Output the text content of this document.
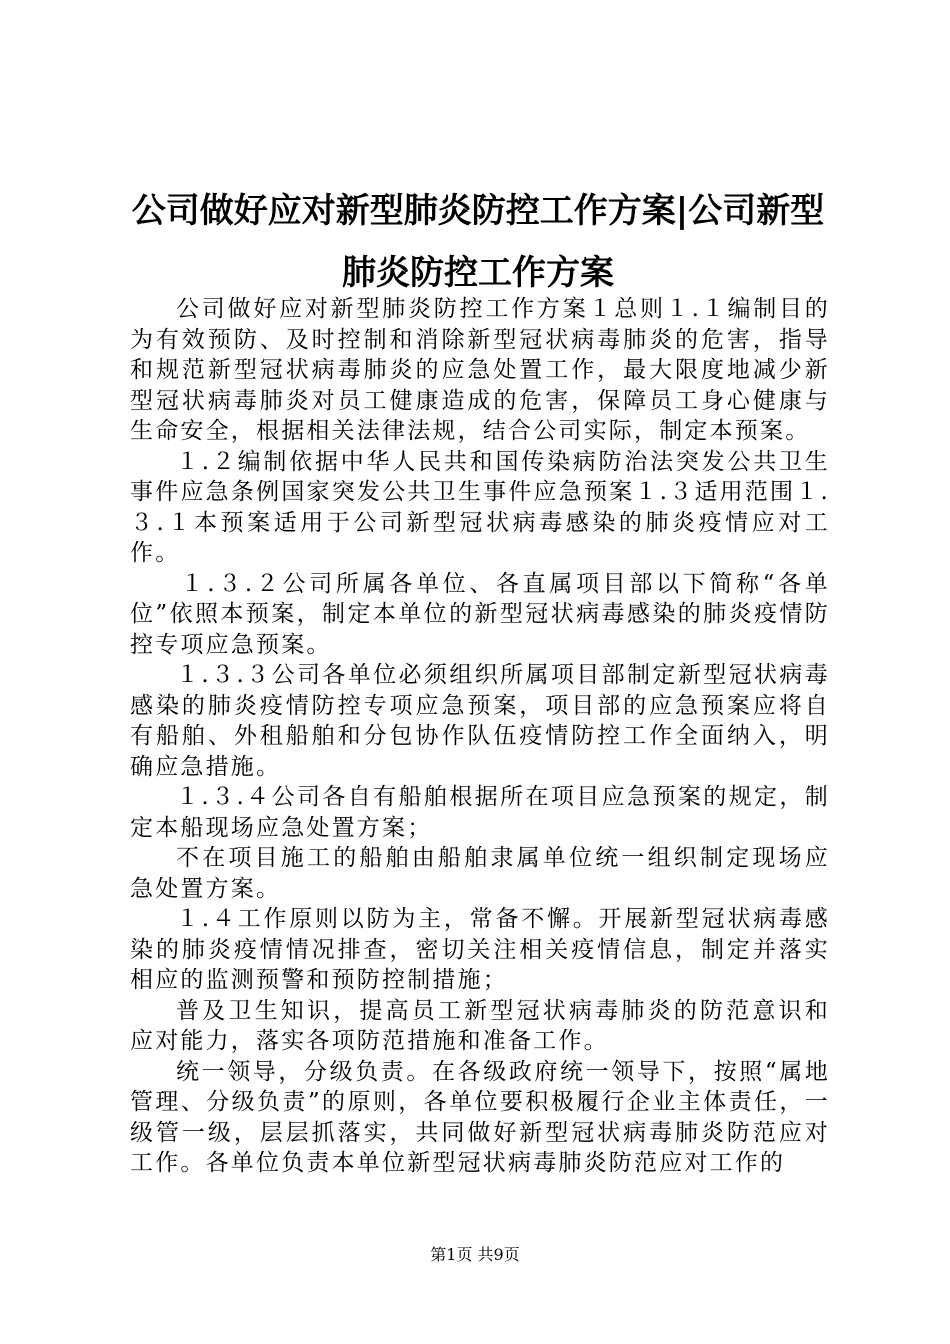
公司做好应对新型肺炎防控工作方案|公司新型肺炎防控工作方案

公司做好应对新型肺炎防控工作方案１总则１.１编制目的为有效预防、及时控制和消除新型冠状病毒肺炎的危害，指导和规范新型冠状病毒肺炎的应急处置工作，最大限度地减少新型冠状病毒肺炎对员工健康造成的危害，保障员工身心健康与生命安全，根据相关法律法规，结合公司实际，制定本预案。

１.２编制依据中华人民共和国传染病防治法突发公共卫生事件应急条例国家突发公共卫生事件应急预案１.３适用范围１.３.１本预案适用于公司新型冠状病毒感染的肺炎疫情应对工作。

１.３.２公司所属各单位、各直属项目部以下简称“各单位”依照本预案，制定本单位的新型冠状病毒感染的肺炎疫情防控专项应急预案。

１.３.３公司各单位必须组织所属项目部制定新型冠状病毒感染的肺炎疫情防控专项应急预案，项目部的应急预案应将自有船舶、外租船舶和分包协作队伍疫情防控工作全面纳入，明确应急措施。

１.３.４公司各自有船舶根据所在项目应急预案的规定，制定本船现场应急处置方案；

不在项目施工的船舶由船舶隶属单位统一组织制定现场应急处置方案。

１.４工作原则以防为主，常备不懈。开展新型冠状病毒感染的肺炎疫情情况排查，密切关注相关疫情信息，制定并落实相应的监测预警和预防控制措施；

普及卫生知识，提高员工新型冠状病毒肺炎的防范意识和应对能力，落实各项防范措施和准备工作。

统一领导，分级负责。在各级政府统一领导下，按照“属地管理、分级负责”的原则，各单位要积极履行企业主体责任，一级管一级，层层抓落实，共同做好新型冠状病毒肺炎防范应对工作。各单位负责本单位新型冠状病毒肺炎防范应对工作的

第1页 共9页
